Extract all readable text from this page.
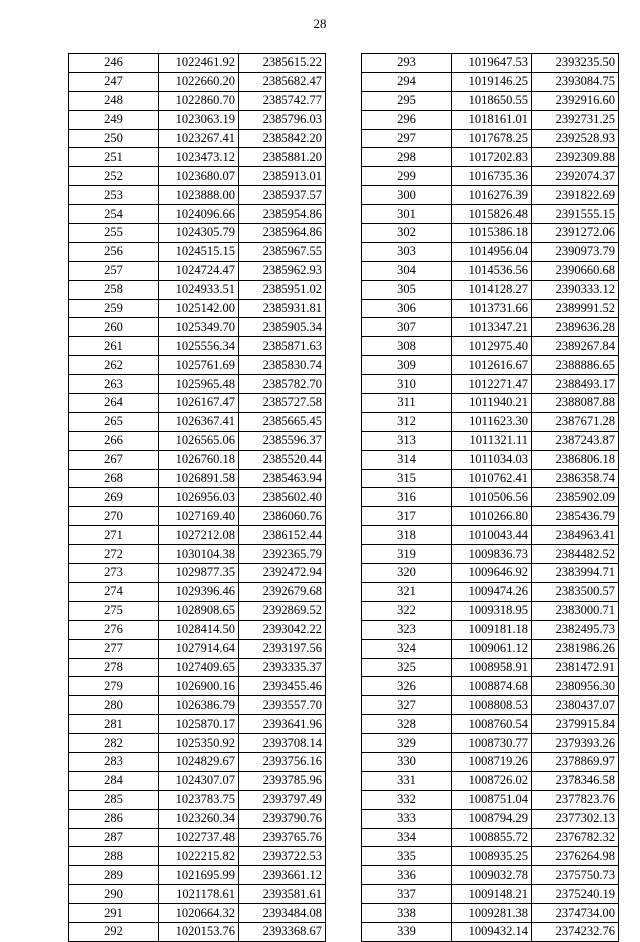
28
246	1022461.92	2385615.22
247	1022660.20	2385682.47
248	1022860.70	2385742.77
249	1023063.19	2385796.03
250	1023267.41	2385842.20
251	1023473.12	2385881.20
252	1023680.07	2385913.01
253	1023888.00	2385937.57
254	1024096.66	2385954.86
255	1024305.79	2385964.86
256	1024515.15	2385967.55
257	1024724.47	2385962.93
258	1024933.51	2385951.02
259	1025142.00	2385931.81
260	1025349.70	2385905.34
261	1025556.34	2385871.63
262	1025761.69	2385830.74
263	1025965.48	2385782.70
264	1026167.47	2385727.58
265	1026367.41	2385665.45
266	1026565.06	2385596.37
267	1026760.18	2385520.44
268	1026891.58	2385463.94
269	1026956.03	2385602.40
270	1027169.40	2386060.76
271	1027212.08	2386152.44
272	1030104.38	2392365.79
273	1029877.35	2392472.94
274	1029396.46	2392679.68
275	1028908.65	2392869.52
276	1028414.50	2393042.22
277	1027914.64	2393197.56
278	1027409.65	2393335.37
279	1026900.16	2393455.46
280	1026386.79	2393557.70
281	1025870.17	2393641.96
282	1025350.92	2393708.14
283	1024829.67	2393756.16
284	1024307.07	2393785.96
285	1023783.75	2393797.49
286	1023260.34	2393790.76
287	1022737.48	2393765.76
288	1022215.82	2393722.53
289	1021695.99	2393661.12
290	1021178.61	2393581.61
291	1020664.32	2393484.08
292	1020153.76	2393368.67
293	1019647.53	2393235.50
294	1019146.25	2393084.75
295	1018650.55	2392916.60
296	1018161.01	2392731.25
297	1017678.25	2392528.93
298	1017202.83	2392309.88
299	1016735.36	2392074.37
300	1016276.39	2391822.69
301	1015826.48	2391555.15
302	1015386.18	2391272.06
303	1014956.04	2390973.79
304	1014536.56	2390660.68
305	1014128.27	2390333.12
306	1013731.66	2389991.52
307	1013347.21	2389636.28
308	1012975.40	2389267.84
309	1012616.67	2388886.65
310	1012271.47	2388493.17
311	1011940.21	2388087.88
312	1011623.30	2387671.28
313	1011321.11	2387243.87
314	1011034.03	2386806.18
315	1010762.41	2386358.74
316	1010506.56	2385902.09
317	1010266.80	2385436.79
318	1010043.44	2384963.41
319	1009836.73	2384482.52
320	1009646.92	2383994.71
321	1009474.26	2383500.57
322	1009318.95	2383000.71
323	1009181.18	2382495.73
324	1009061.12	2381986.26
325	1008958.91	2381472.91
326	1008874.68	2380956.30
327	1008808.53	2380437.07
328	1008760.54	2379915.84
329	1008730.77	2379393.26
330	1008719.26	2378869.97
331	1008726.02	2378346.58
332	1008751.04	2377823.76
333	1008794.29	2377302.13
334	1008855.72	2376782.32
335	1008935.25	2376264.98
336	1009032.78	2375750.73
337	1009148.21	2375240.19
338	1009281.38	2374734.00
339	1009432.14	2374232.76
